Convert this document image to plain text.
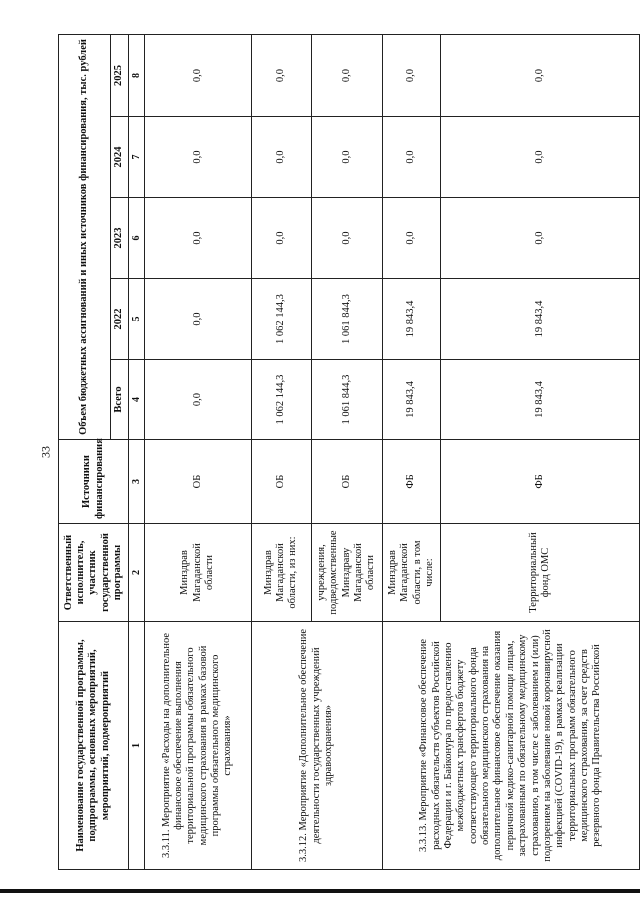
33
Наименование государственной программы, подпрограммы, основных мероприятий, мероприятий, подмероприятий	Ответственный исполнитель, участник государственной программы	Источники финансирования	Объем бюджетных ассигнований и иных источников финансирования, тыс. рублей				
			Всего	2022	2023	2024	2025
1	2	3	4	5	6	7	8
3.3.11. Мероприятие «Расходы на дополнительное финансовое обеспечение выполнения территориальной программы обязательного медицинского страхования в рамках базовой программы обязательного медицинского страхования»	Минздрав Магаданской области	ОБ	0,0	0,0	0,0	0,0	0,0
3.3.12. Мероприятие «Дополнительное обеспечение деятельности государственных учреждений здравоохранения»	Минздрав Магаданской области, из них:	ОБ	1 062 144,3	1 062 144,3	0,0	0,0	0,0
	учреждения, подведомственные Минздраву Магаданской области	ОБ	1 061 844,3	1 061 844,3	0,0	0,0	0,0
3.3.13. Мероприятие «Финансовое обеспечение расходных обязательств субъектов Российской Федерации и г. Байконура по предоставлению межбюджетных трансфертов бюджету соответствующего территориального фонда обязательного медицинского страхования на дополнительное финансовое обеспечение оказания первичной медико-санитарной помощи лицам, застрахованным по обязательному медицинскому страхованию, в том числе с заболеванием и (или) подозрением на заболевание новой коронавирусной инфекцией (COVID-19), в рамках реализации территориальных программ обязательного медицинского страхования, за счет средств резервного фонда Правительства Российской	Минздрав Магаданской области, в том числе:	ФБ	19 843,4	19 843,4	0,0	0,0	0,0
	Территориальный фонд ОМС	ФБ	19 843,4	19 843,4	0,0	0,0	0,0
